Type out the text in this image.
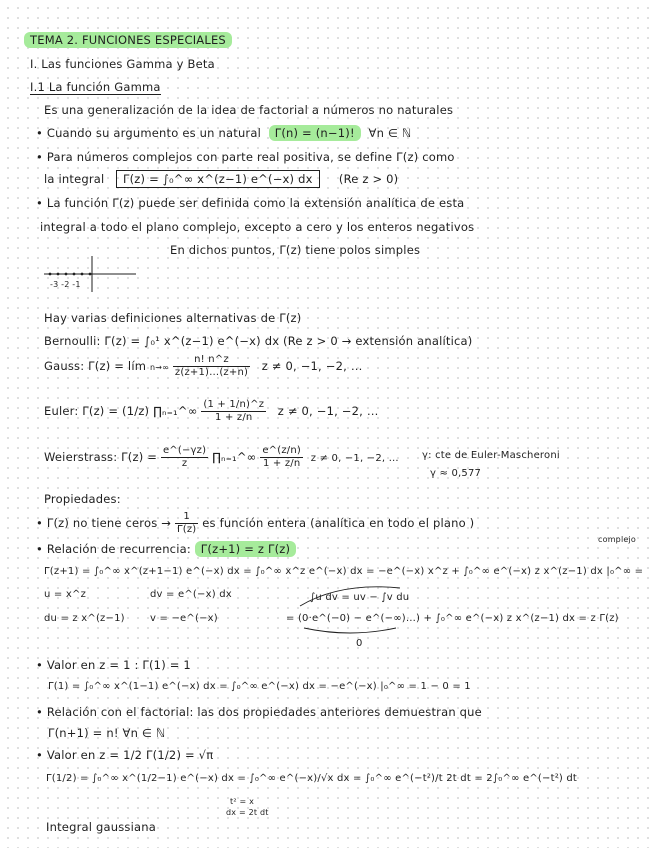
TEMA 2. FUNCIONES ESPECIALES
I. Las funciones Gamma y Beta
I.1 La función Gamma
Es una generalización de la idea de factorial a números no naturales
• Cuando su argumento es un natural Γ(n) = (n−1)! ∀n ∈ ℕ
• Para números complejos con parte real positiva, se define Γ(z) como
la integral Γ(z) = ∫₀^∞ x^(z−1) e^(−x) dx (Re z > 0)
• La función Γ(z) puede ser definida como la extensión analítica de esta
integral a todo el plano complejo, excepto a cero y los enteros negativos
En dichos puntos, Γ(z) tiene polos simples
-3 -2 -1
Hay varias definiciones alternativas de Γ(z)
Bernoulli: Γ(z) = ∫₀¹ x^(z−1) e^(−x) dx (Re z > 0 → extensión analítica)
Gauss: Γ(z) = lím $n\to\infty \frac{n! n\^{}z}{z(z+1)\dots(z+n)}$ z ≠ 0, −1, −2, …
Euler: Γ(z) = (1/z) ∏ₙ₌₁^∞ $\frac{(1 + 1/n)\^{}z}{1 + z/n}$ z ≠ 0, −1, −2, …
Weierstrass: $\Gamma(z) = \frac{e\^{}(-\gamma z)}{z}$ ∏ₙ₌₁^∞ $\frac{e\^{}(z/n)}{1 + z/n}$ z ≠ 0, −1, −2, … γ: cte de Euler-Mascheroni
γ ≈ 0,577
Propiedades:
• Γ(z) no tiene ceros → $\frac{1}{\Gamma(z)}$ es función entera (analítica en todo el plano )
complejo
• Relación de recurrencia: Γ(z+1) = z Γ(z)
Γ(z+1) = ∫₀^∞ x^(z+1−1) e^(−x) dx = ∫₀^∞ x^z e^(−x) dx = −e^(−x) x^z + ∫₀^∞ e^(−x) z x^(z−1) dx |₀^∞ =
u = x^z	dv = e^(−x) dx	∫u dv = uv − ∫v du
du = z x^(z−1)	v = −e^(−x)	= (0·e^(−0) − e^(−∞)…) + ∫₀^∞ e^(−x) z x^(z−1) dx = z Γ(z)
0
• Valor en z = 1 : Γ(1) = 1
Γ(1) = ∫₀^∞ x^(1−1) e^(−x) dx = ∫₀^∞ e^(−x) dx = −e^(−x) |₀^∞ = 1 − 0 = 1
• Relación con el factorial: las dos propiedades anteriores demuestran que
Γ(n+1) = n! ∀n ∈ ℕ
• Valor en z = 1/2 Γ(1/2) = √π
Γ(1/2) = ∫₀^∞ x^(1/2−1) e^(−x) dx = ∫₀^∞ e^(−x)/√x dx = ∫₀^∞ e^(−t²)/t 2t dt = 2∫₀^∞ e^(−t²) dt
t² = x
dx = 2t dt
Integral gaussiana
